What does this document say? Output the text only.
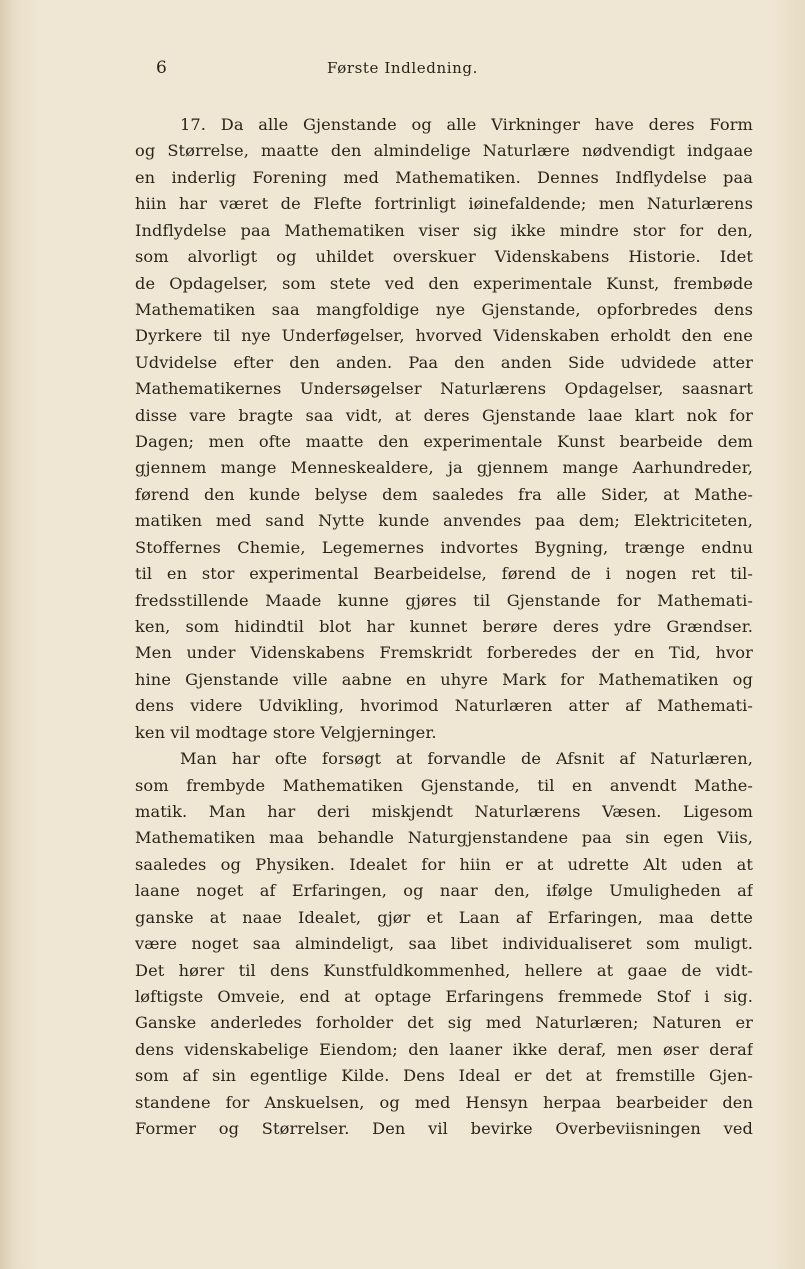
6	Første Indledning.
17. Da alle Gjenstande og alle Virkninger have deres Form
og Størrelse, maatte den almindelige Naturlære nødvendigt indgaae
en inderlig Forening med Mathematiken. Dennes Indflydelse paa
hiin har været de Flefte fortrinligt iøinefaldende; men Naturlærens
Indflydelse paa Mathematiken viser sig ikke mindre stor for den,
som alvorligt og uhildet overskuer Videnskabens Historie. Idet
de Opdagelser, som stete ved den experimentale Kunst, frembøde
Mathematiken saa mangfoldige nye Gjenstande, opforbredes dens
Dyrkere til nye Underføgelser, hvorved Videnskaben erholdt den ene
Udvidelse efter den anden. Paa den anden Side udvidede atter
Mathematikernes Undersøgelser Naturlærens Opdagelser, saasnart
disse vare bragte saa vidt, at deres Gjenstande laae klart nok for
Dagen; men ofte maatte den experimentale Kunst bearbeide dem
gjennem mange Menneskealdere, ja gjennem mange Aarhundreder,
førend den kunde belyse dem saaledes fra alle Sider, at Mathe-
matiken med sand Nytte kunde anvendes paa dem; Elektriciteten,
Stoffernes Chemie, Legemernes indvortes Bygning, trænge endnu
til en stor experimental Bearbeidelse, førend de i nogen ret til-
fredsstillende Maade kunne gjøres til Gjenstande for Mathemati-
ken, som hidindtil blot har kunnet berøre deres ydre Grændser.
Men under Videnskabens Fremskridt forberedes der en Tid, hvor
hine Gjenstande ville aabne en uhyre Mark for Mathematiken og
dens videre Udvikling, hvorimod Naturlæren atter af Mathemati-
ken vil modtage store Velgjerninger.
Man har ofte forsøgt at forvandle de Afsnit af Naturlæren,
som frembyde Mathematiken Gjenstande, til en anvendt Mathe-
matik. Man har deri miskjendt Naturlærens Væsen. Ligesom
Mathematiken maa behandle Naturgjenstandene paa sin egen Viis,
saaledes og Physiken. Idealet for hiin er at udrette Alt uden at
laane noget af Erfaringen, og naar den, ifølge Umuligheden af
ganske at naae Idealet, gjør et Laan af Erfaringen, maa dette
være noget saa almindeligt, saa libet individualiseret som muligt.
Det hører til dens Kunstfuldkommenhed, hellere at gaae de vidt-
løftigste Omveie, end at optage Erfaringens fremmede Stof i sig.
Ganske anderledes forholder det sig med Naturlæren; Naturen er
dens videnskabelige Eiendom; den laaner ikke deraf, men øser deraf
som af sin egentlige Kilde. Dens Ideal er det at fremstille Gjen-
standene for Anskuelsen, og med Hensyn herpaa bearbeider den
Former og Størrelser. Den vil bevirke Overbeviisningen ved
